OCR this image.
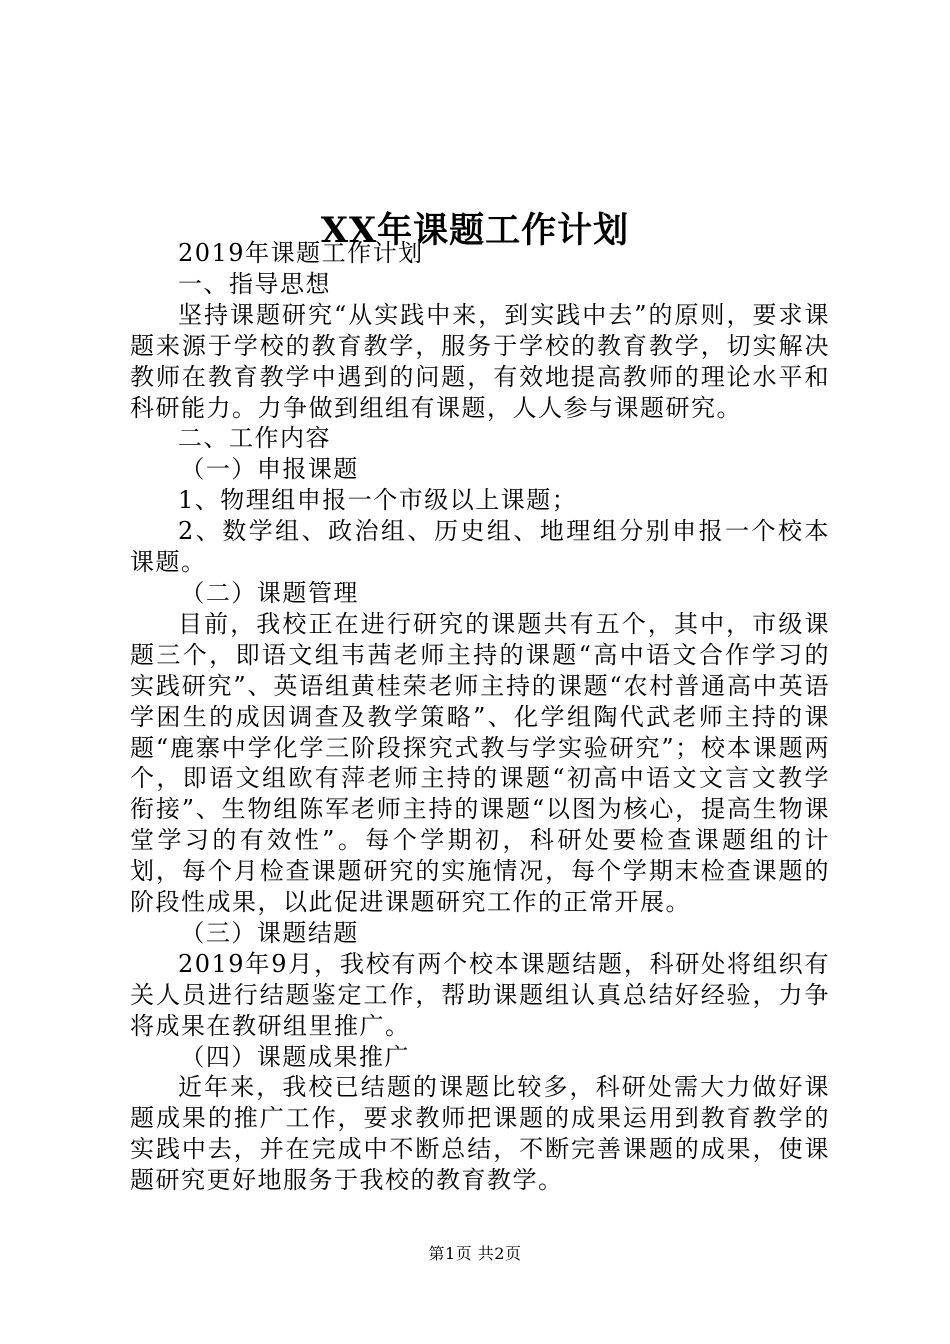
XX年课题工作计划

2019年课题工作计划

一、指导思想

坚持课题研究“从实践中来，到实践中去”的原则，要求课题来源于学校的教育教学，服务于学校的教育教学，切实解决教师在教育教学中遇到的问题，有效地提高教师的理论水平和科研能力。力争做到组组有课题，人人参与课题研究。

二、工作内容

（一）申报课题

1、物理组申报一个市级以上课题；

2、数学组、政治组、历史组、地理组分别申报一个校本课题。

（二）课题管理

目前，我校正在进行研究的课题共有五个，其中，市级课题三个，即语文组韦茜老师主持的课题“高中语文合作学习的实践研究”、英语组黄桂荣老师主持的课题“农村普通高中英语学困生的成因调查及教学策略”、化学组陶代武老师主持的课题“鹿寨中学化学三阶段探究式教与学实验研究”；校本课题两个，即语文组欧有萍老师主持的课题“初高中语文文言文教学衔接”、生物组陈军老师主持的课题“以图为核心，提高生物课堂学习的有效性”。每个学期初，科研处要检查课题组的计划，每个月检查课题研究的实施情况，每个学期末检查课题的阶段性成果，以此促进课题研究工作的正常开展。

（三）课题结题

2019年9月，我校有两个校本课题结题，科研处将组织有关人员进行结题鉴定工作，帮助课题组认真总结好经验，力争将成果在教研组里推广。

（四）课题成果推广

近年来，我校已结题的课题比较多，科研处需大力做好课题成果的推广工作，要求教师把课题的成果运用到教育教学的实践中去，并在完成中不断总结，不断完善课题的成果，使课题研究更好地服务于我校的教育教学。

第1页 共2页
